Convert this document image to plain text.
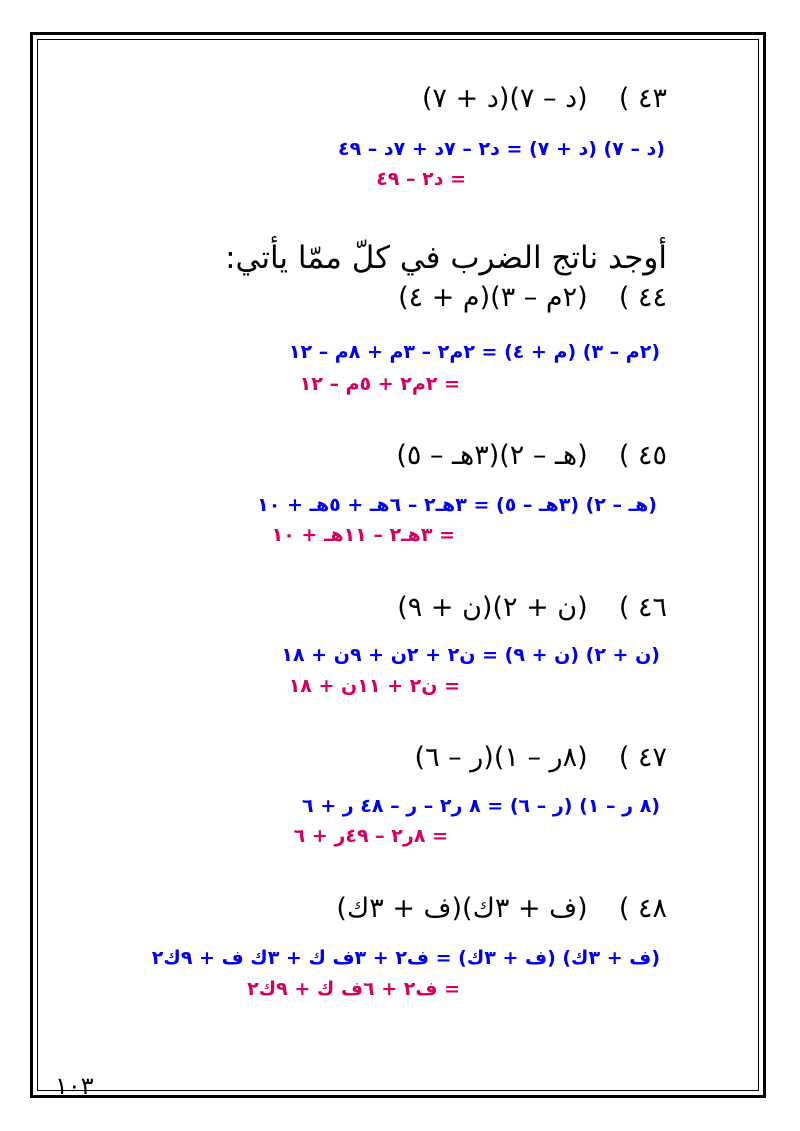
٤٣ )  (د – ٧)(د + ٧)
(د – ٧) (د + ٧) = د٢ – ٧د + ٧د – ٤٩
= د٢ – ٤٩
أوجد ناتج الضرب في كلّ ممّا يأتي:
٤٤ )  (٢م – ٣)(م + ٤)
(٢م – ٣) (م + ٤) = ٢م٢ – ٣م + ٨م – ١٢
= ٢م٢ + ٥م – ١٢
٤٥ )  (هـ – ٢)(٣هـ – ٥)
(هـ – ٢) (٣هـ – ٥) = ٣هـ٢ – ٦هـ + ٥هـ + ١٠
= ٣هـ٢ – ١١هـ + ١٠
٤٦ )  (ن + ٢)(ن + ٩)
(ن + ٢) (ن + ٩) = ن٢ + ٢ن + ٩ن + ١٨
= ن٢ + ١١ن + ١٨
٤٧ )  (٨ر – ١)(ر – ٦)
(٨ ر – ١) (ر – ٦) = ٨ ر٢ – ر – ٤٨ ر + ٦
= ٨ر٢ – ٤٩ر + ٦
٤٨ )  (ف + ٣ك)(ف + ٣ك)
(ف + ٣ك) (ف + ٣ك) = ف٢ + ٣ف ك + ٣ك ف + ٩ك٢
= ف٢ + ٦ف ك + ٩ك٢
١٠٣
